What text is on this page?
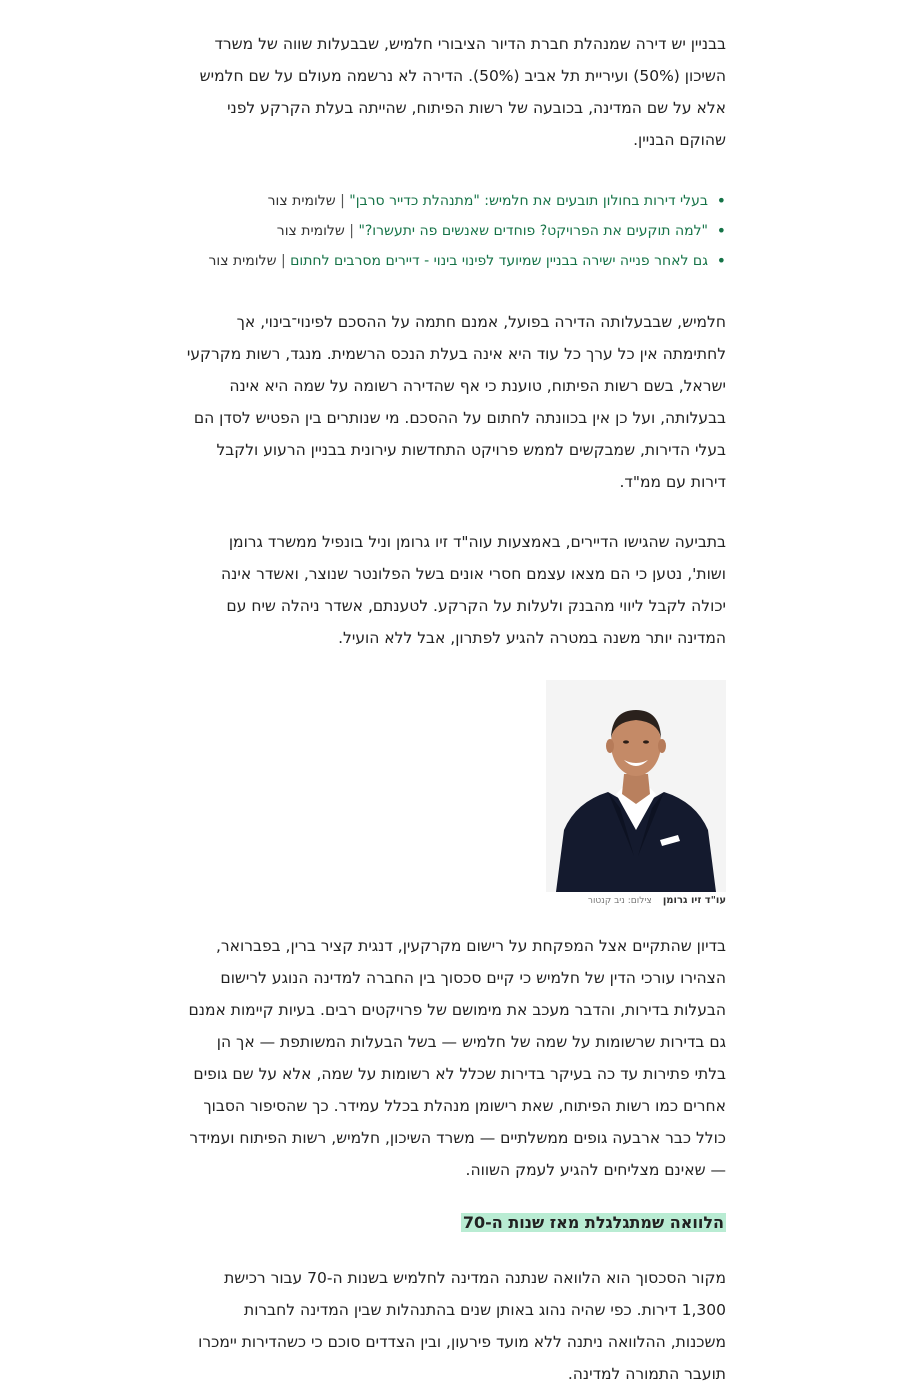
בבניין יש דירה שמנהלת חברת הדיור הציבורי חלמיש, שבבעלות שווה של משרד השיכון (50%) ועיריית תל אביב (50%). הדירה לא נרשמה מעולם על שם חלמיש אלא על שם המדינה, בכובעה של רשות הפיתוח, שהייתה בעלת הקרקע לפני שהוקם הבניין.

•
בעלי דירות בחולון תובעים את חלמיש: "מתנהלת כדייר סרבן" | שלומית צור
•
"למה תוקעים את הפרויקט? פוחדים שאנשים פה יתעשרו?" | שלומית צור
•
גם לאחר פנייה ישירה בבניין שמיועד לפינוי בינוי - דיירים מסרבים לחתום | שלומית צור

חלמיש, שבבעלותה הדירה בפועל, אמנם חתמה על ההסכם לפינוי־בינוי, אך לחתימתה אין כל ערך כל עוד היא אינה בעלת הנכס הרשמית. מנגד, רשות מקרקעי ישראל, בשם רשות הפיתוח, טוענת כי אף שהדירה רשומה על שמה היא אינה בבעלותה, ועל כן אין בכוונתה לחתום על ההסכם. מי שנותרים בין הפטיש לסדן הם בעלי הדירות, שמבקשים לממש פרויקט התחדשות עירונית בבניין הרעוע ולקבל דירות עם ממ"ד.

בתביעה שהגישו הדיירים, באמצעות עוה"ד זיו גרומן וניל בונפיל ממשרד גרומן ושות', נטען כי הם מצאו עצמם חסרי אונים בשל הפלונטר שנוצר, ואשדר אינה יכולה לקבל ליווי מהבנק ולעלות על הקרקע. לטענתם, אשדר ניהלה שיח עם המדינה יותר משנה במטרה להגיע לפתרון, אבל ללא הועיל.

עו"ד זיו גרומן צילום: ניב קנטור

בדיון שהתקיים אצל המפקחת על רישום מקרקעין, דנגית קציר ברין, בפברואר, הצהירו עורכי הדין של חלמיש כי קיים סכסוך בין החברה למדינה הנוגע לרישום הבעלות בדירות, והדבר מעכב את מימושם של פרויקטים רבים. בעיות קיימות אמנם גם בדירות שרשומות על שמה של חלמיש — בשל הבעלות המשותפת — אך הן בלתי פתירות עד כה בעיקר בדירות שכלל לא רשומות על שמה, אלא על שם גופים אחרים כמו רשות הפיתוח, שאת רישומן מנהלת בכלל עמידר. כך שהסיפור הסבוך כולל כבר ארבעה גופים ממשלתיים — משרד השיכון, חלמיש, רשות הפיתוח ועמידר — שאינם מצליחים להגיע לעמק השווה.

הלוואה שמתגלגלת מאז שנות ה-70

מקור הסכסוך הוא הלוואה שנתנה המדינה לחלמיש בשנות ה-70 עבור רכישת 1,300 דירות. כפי שהיה נהוג באותן שנים בהתנהלות שבין המדינה לחברות משכנות, ההלוואה ניתנה ללא מועד פירעון, ובין הצדדים סוכם כי כשהדירות יימכרו תועבר התמורה למדינה.
